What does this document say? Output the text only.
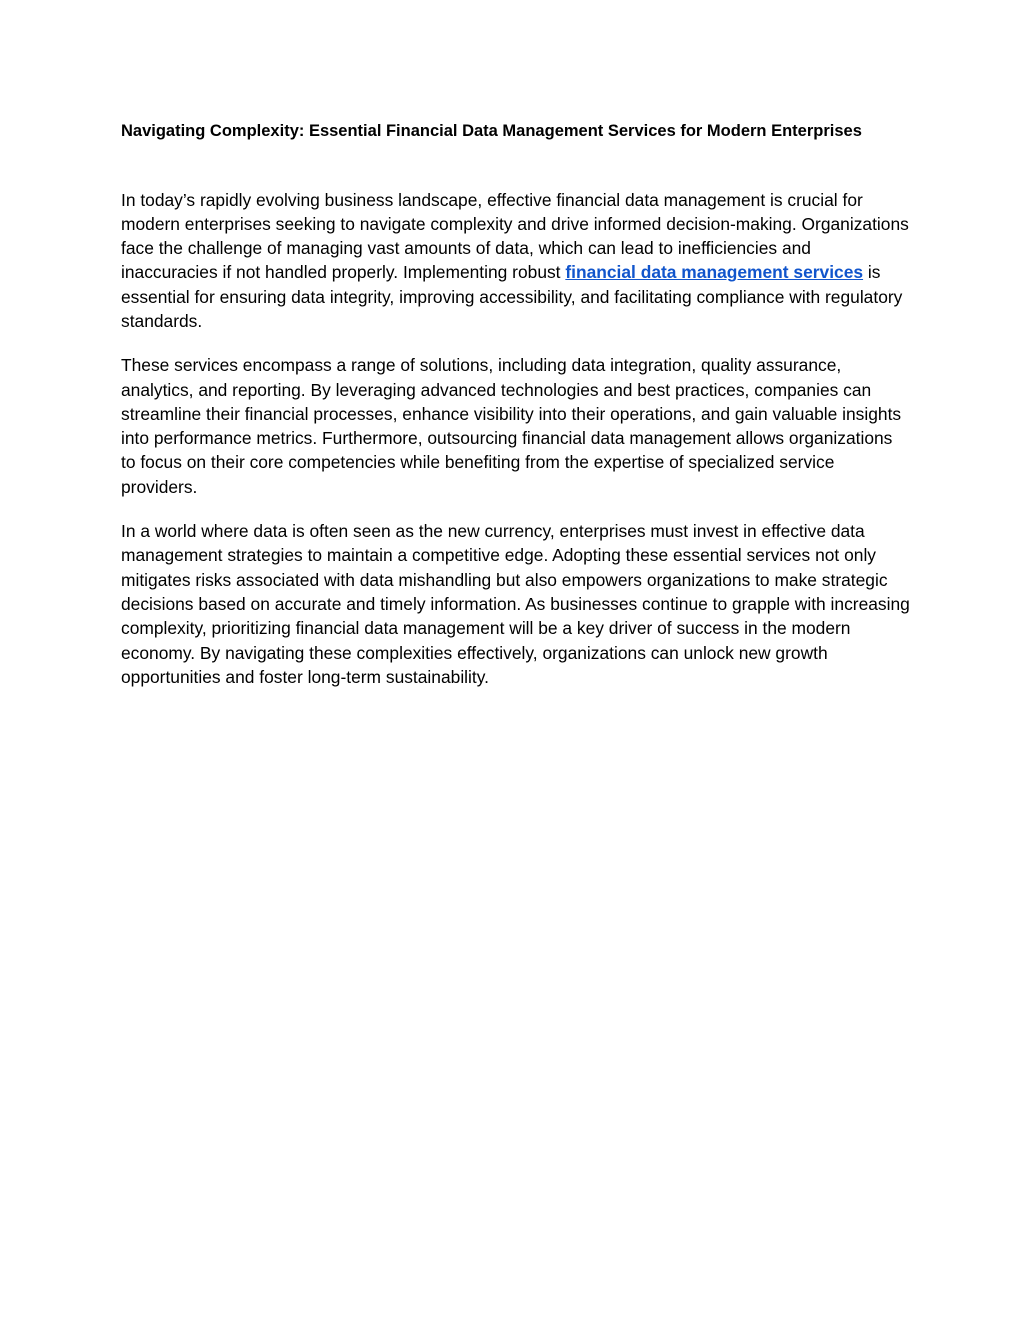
Navigating Complexity: Essential Financial Data Management Services for Modern Enterprises

In today’s rapidly evolving business landscape, effective financial data management is crucial for modern enterprises seeking to navigate complexity and drive informed decision-making. Organizations face the challenge of managing vast amounts of data, which can lead to inefficiencies and inaccuracies if not handled properly. Implementing robust financial data management services is essential for ensuring data integrity, improving accessibility, and facilitating compliance with regulatory standards.

These services encompass a range of solutions, including data integration, quality assurance, analytics, and reporting. By leveraging advanced technologies and best practices, companies can streamline their financial processes, enhance visibility into their operations, and gain valuable insights into performance metrics. Furthermore, outsourcing financial data management allows organizations to focus on their core competencies while benefiting from the expertise of specialized service providers.

In a world where data is often seen as the new currency, enterprises must invest in effective data management strategies to maintain a competitive edge. Adopting these essential services not only mitigates risks associated with data mishandling but also empowers organizations to make strategic decisions based on accurate and timely information. As businesses continue to grapple with increasing complexity, prioritizing financial data management will be a key driver of success in the modern economy. By navigating these complexities effectively, organizations can unlock new growth opportunities and foster long-term sustainability.
